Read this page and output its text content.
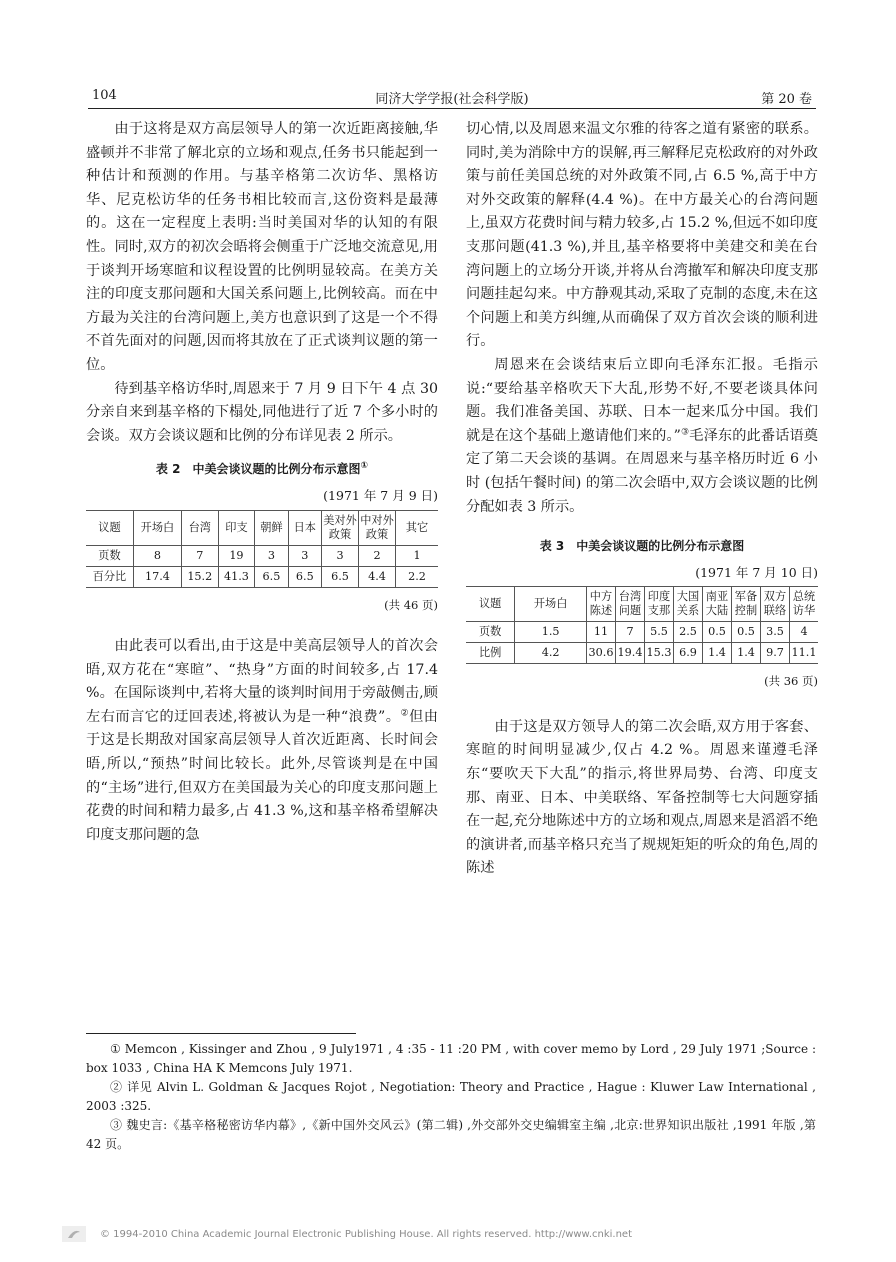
104	同济大学学报(社会科学版)	第 20 卷

由于这将是双方高层领导人的第一次近距离接触,华盛顿并不非常了解北京的立场和观点,任务书只能起到一种估计和预测的作用。与基辛格第二次访华、黑格访华、尼克松访华的任务书相比较而言,这份资料是最薄的。这在一定程度上表明:当时美国对华的认知的有限性。同时,双方的初次会晤将会侧重于广泛地交流意见,用于谈判开场寒暄和议程设置的比例明显较高。在美方关注的印度支那问题和大国关系问题上,比例较高。而在中方最为关注的台湾问题上,美方也意识到了这是一个不得不首先面对的问题,因而将其放在了正式谈判议题的第一位。

待到基辛格访华时,周恩来于 7 月 9 日下午 4 点 30 分亲自来到基辛格的下榻处,同他进行了近 7 个多小时的会谈。双方会谈议题和比例的分布详见表 2 所示。

表 2　中美会谈议题的比例分布示意图①
(1971 年 7 月 9 日)
议题	开场白	台湾	印支	朝鲜	日本	美对外政策	中对外政策	其它
页数	8	7	19	3	3	3	2	1
百分比	17.4	15.2	41.3	6.5	6.5	6.5	4.4	2.2
(共 46 页)

由此表可以看出,由于这是中美高层领导人的首次会晤,双方花在“寒暄”、“热身”方面的时间较多,占 17.4 %。在国际谈判中,若将大量的谈判时间用于旁敲侧击,顾左右而言它的迂回表述,将被认为是一种“浪费”。②但由于这是长期敌对国家高层领导人首次近距离、长时间会晤,所以,“预热”时间比较长。此外,尽管谈判是在中国的“主场”进行,但双方在美国最为关心的印度支那问题上花费的时间和精力最多,占 41.3 %,这和基辛格希望解决印度支那问题的急

切心情,以及周恩来温文尔雅的待客之道有紧密的联系。同时,美为消除中方的误解,再三解释尼克松政府的对外政策与前任美国总统的对外政策不同,占 6.5 %,高于中方对外交政策的解释(4.4 %)。在中方最关心的台湾问题上,虽双方花费时间与精力较多,占 15.2 %,但远不如印度支那问题(41.3 %),并且,基辛格要将中美建交和美在台湾问题上的立场分开谈,并将从台湾撤军和解决印度支那问题挂起勾来。中方静观其动,采取了克制的态度,未在这个问题上和美方纠缠,从而确保了双方首次会谈的顺利进行。

周恩来在会谈结束后立即向毛泽东汇报。毛指示说:“要给基辛格吹天下大乱,形势不好,不要老谈具体问题。我们准备美国、苏联、日本一起来瓜分中国。我们就是在这个基础上邀请他们来的。”③毛泽东的此番话语奠定了第二天会谈的基调。在周恩来与基辛格历时近 6 小时 (包括午餐时间) 的第二次会晤中,双方会谈议题的比例分配如表 3 所示。

表 3　中美会谈议题的比例分布示意图
(1971 年 7 月 10 日)
议题	开场白	中方陈述	台湾问题	印度支那	大国关系	南亚大陆	军备控制	双方联络	总统访华
页数	1.5	11	7	5.5	2.5	0.5	0.5	3.5	4
比例	4.2	30.6	19.4	15.3	6.9	1.4	1.4	9.7	11.1
(共 36 页)

由于这是双方领导人的第二次会晤,双方用于客套、寒暄的时间明显减少,仅占 4.2 %。周恩来谨遵毛泽东“要吹天下大乱”的指示,将世界局势、台湾、印度支那、南亚、日本、中美联络、军备控制等七大问题穿插在一起,充分地陈述中方的立场和观点,周恩来是滔滔不绝的演讲者,而基辛格只充当了规规矩矩的听众的角色,周的陈述

① Memcon , Kissinger and Zhou , 9 July1971 , 4 :35 - 11 :20 PM , with cover memo by Lord , 29 July 1971 ;Source : box 1033 , China HA K Memcons July 1971.

② 详见 Alvin L. Goldman & Jacques Rojot , Negotiation: Theory and Practice , Hague : Kluwer Law International , 2003 :325.

③ 魏史言:《基辛格秘密访华内幕》,《新中国外交风云》(第二辑) ,外交部外交史编辑室主编 ,北京:世界知识出版社 ,1991 年版 ,第 42 页。

© 1994-2010 China Academic Journal Electronic Publishing House. All rights reserved. http://www.cnki.net
